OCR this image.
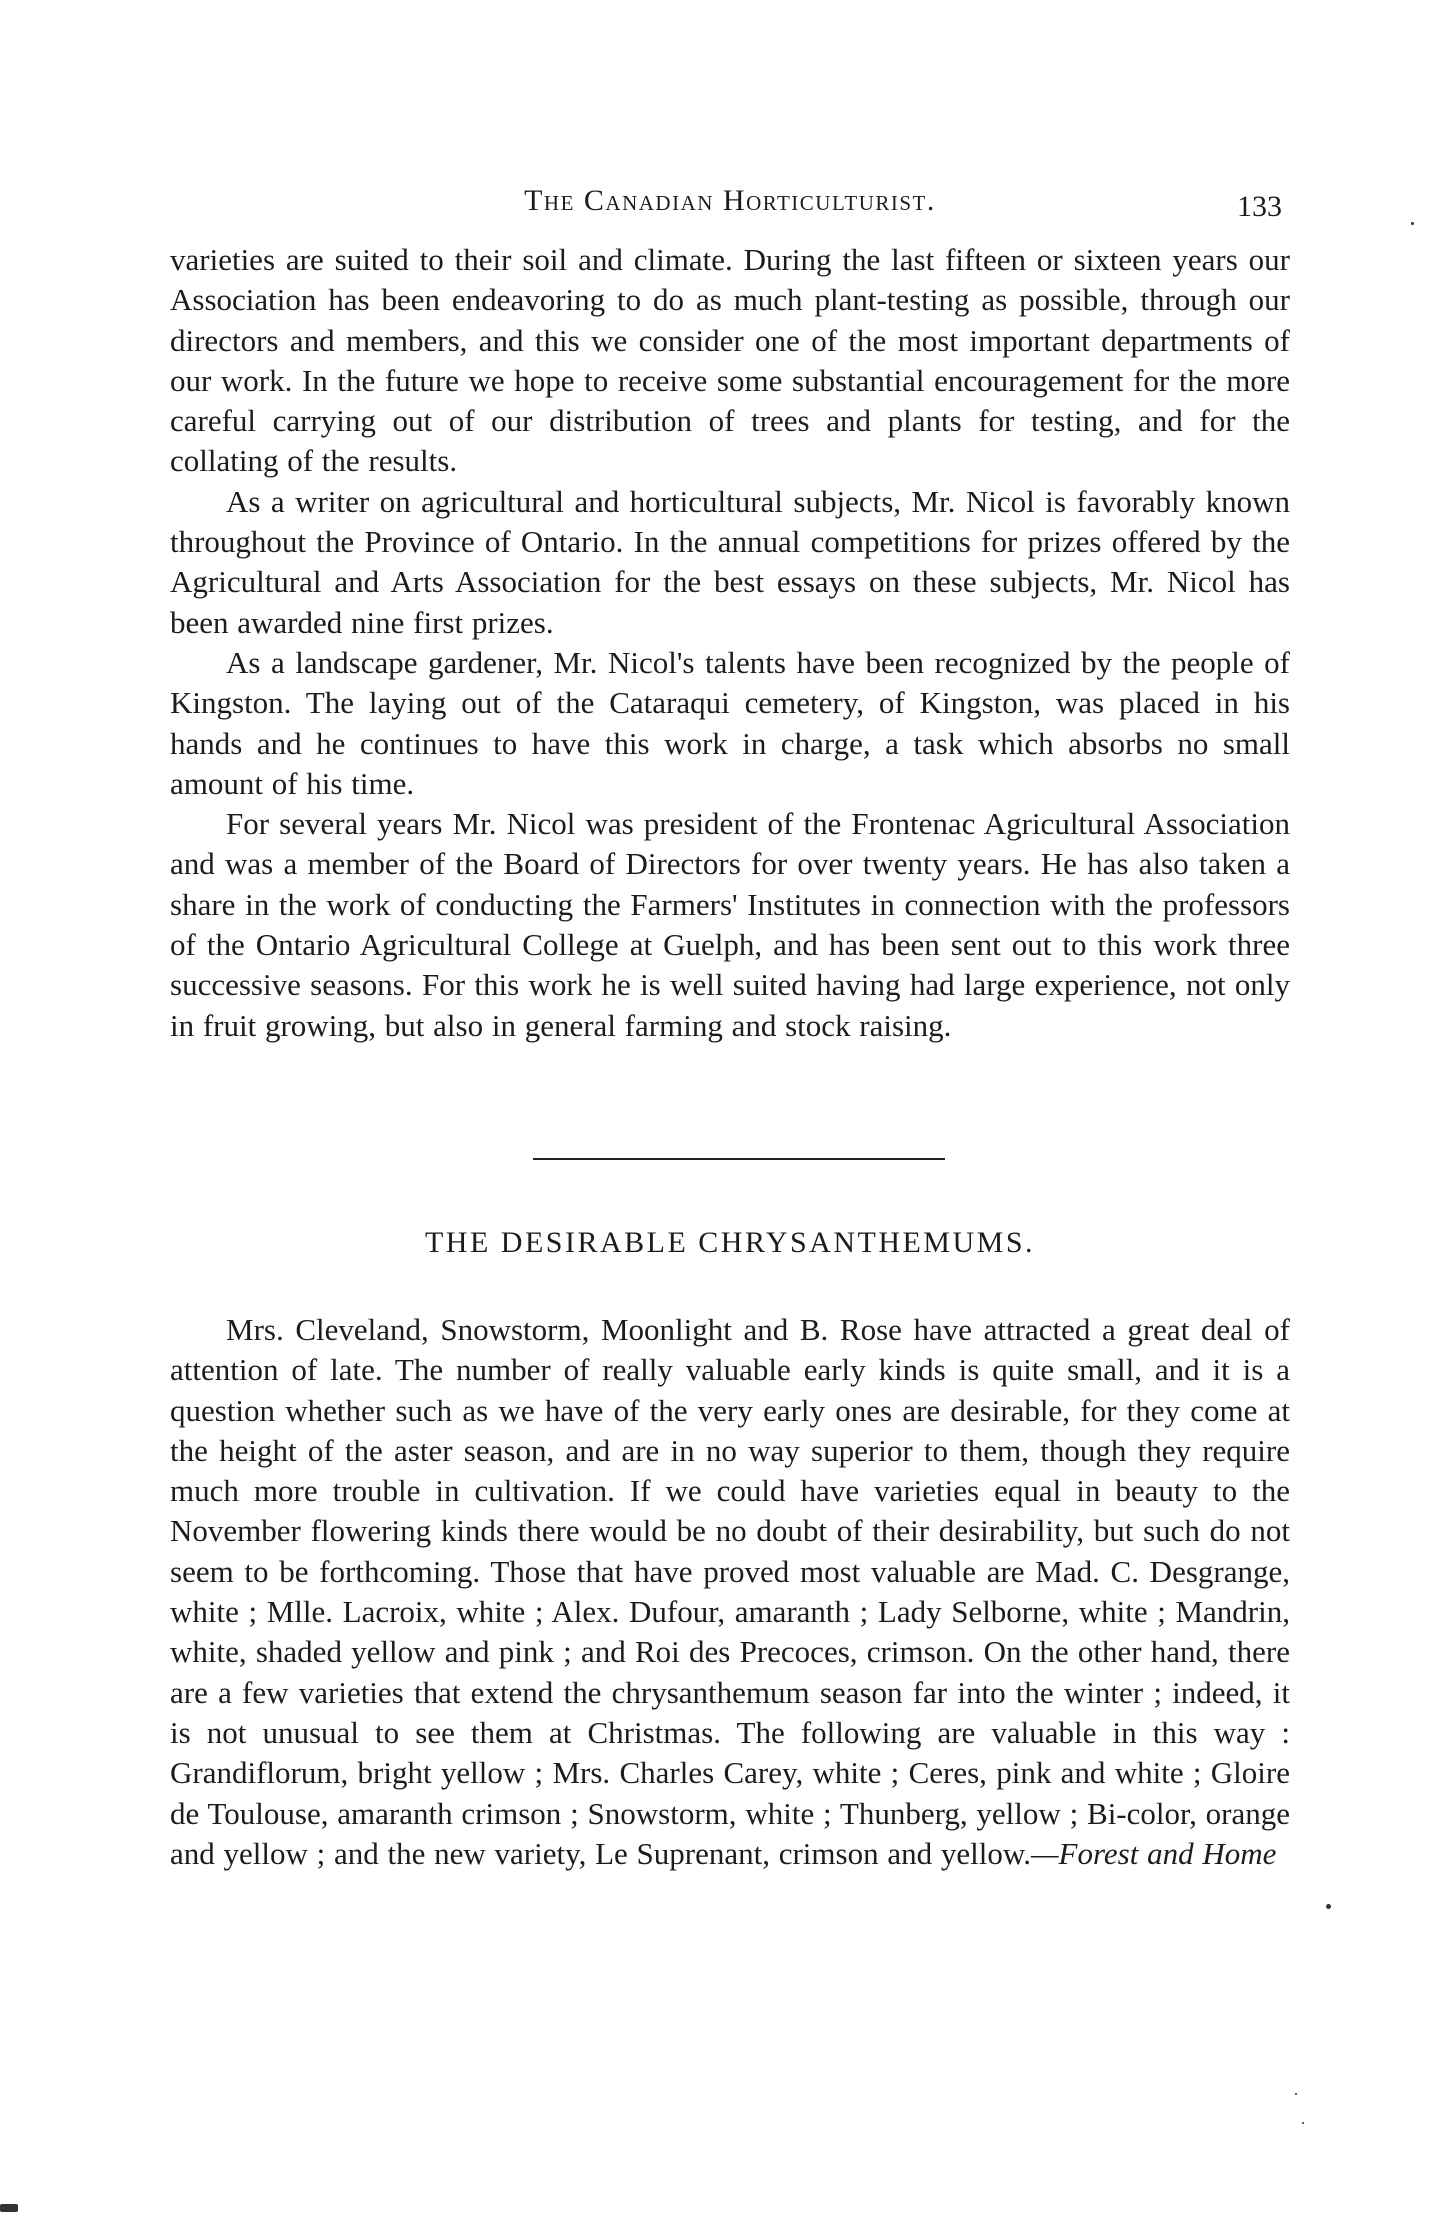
The Canadian Horticulturist.	133

varieties are suited to their soil and climate. During the last fifteen or sixteen years our Association has been endeavoring to do as much plant-testing as possible, through our directors and members, and this we consider one of the most important departments of our work. In the future we hope to receive some substantial encouragement for the more careful carrying out of our distribution of trees and plants for testing, and for the collating of the results.

As a writer on agricultural and horticultural subjects, Mr. Nicol is favorably known throughout the Province of Ontario. In the annual competitions for prizes offered by the Agricultural and Arts Association for the best essays on these subjects, Mr. Nicol has been awarded nine first prizes.

As a landscape gardener, Mr. Nicol's talents have been recognized by the people of Kingston. The laying out of the Cataraqui cemetery, of Kingston, was placed in his hands and he continues to have this work in charge, a task which absorbs no small amount of his time.

For several years Mr. Nicol was president of the Frontenac Agricultural Association and was a member of the Board of Directors for over twenty years. He has also taken a share in the work of conducting the Farmers' Institutes in connection with the professors of the Ontario Agricultural College at Guelph, and has been sent out to this work three successive seasons. For this work he is well suited having had large experience, not only in fruit growing, but also in general farming and stock raising.

THE DESIRABLE CHRYSANTHEMUMS.

Mrs. Cleveland, Snowstorm, Moonlight and B. Rose have attracted a great deal of attention of late. The number of really valuable early kinds is quite small, and it is a question whether such as we have of the very early ones are desirable, for they come at the height of the aster season, and are in no way superior to them, though they require much more trouble in cultivation. If we could have varieties equal in beauty to the November flowering kinds there would be no doubt of their desirability, but such do not seem to be forthcoming. Those that have proved most valuable are Mad. C. Desgrange, white ; Mlle. Lacroix, white ; Alex. Dufour, amaranth ; Lady Selborne, white ; Mandrin, white, shaded yellow and pink ; and Roi des Precoces, crimson. On the other hand, there are a few varieties that extend the chrysanthemum season far into the winter ; indeed, it is not unusual to see them at Christmas. The following are valuable in this way : Grandiflorum, bright yellow ; Mrs. Charles Carey, white ; Ceres, pink and white ; Gloire de Toulouse, amaranth crimson ; Snowstorm, white ; Thunberg, yellow ; Bi-color, orange and yellow ; and the new variety, Le Suprenant, crimson and yellow.—Forest and Home
